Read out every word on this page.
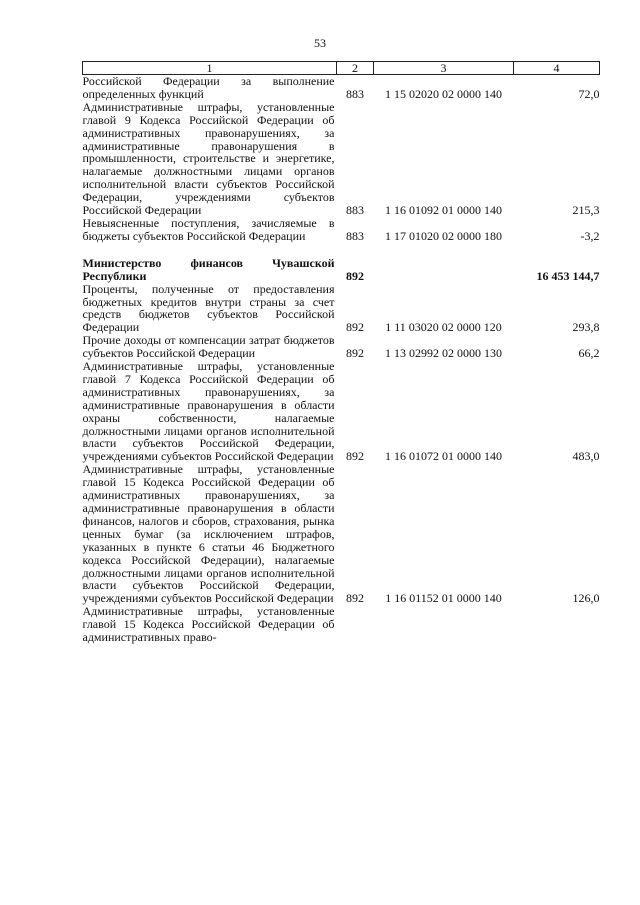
53
1	2	3	4
Российской Федерации за выполнение определенных функций	883	1 15 02020 02 0000 140	72,0
Административные штрафы, установленные главой 9 Кодекса Российской Федерации об административных правонарушениях, за административные правонарушения в промышленности, строительстве и энергетике, налагаемые должностными лицами органов исполнительной власти субъектов Российской Федерации, учреждениями субъектов Российской Федерации	883	1 16 01092 01 0000 140	215,3
Невыясненные поступления, зачисляемые в бюджеты субъектов Российской Федерации	883	1 17 01020 02 0000 180	-3,2

Министерство финансов Чувашской Республики	892		16 453 144,7
Проценты, полученные от предоставления бюджетных кредитов внутри страны за счет средств бюджетов субъектов Российской Федерации	892	1 11 03020 02 0000 120	293,8
Прочие доходы от компенсации затрат бюджетов субъектов Российской Федерации	892	1 13 02992 02 0000 130	66,2
Административные штрафы, установленные главой 7 Кодекса Российской Федерации об административных правонарушениях, за административные правонарушения в области охраны собственности, налагаемые должностными лицами органов исполнительной власти субъектов Российской Федерации, учреждениями субъектов Российской Федерации	892	1 16 01072 01 0000 140	483,0
Административные штрафы, установленные главой 15 Кодекса Российской Федерации об административных правонарушениях, за административные правонарушения в области финансов, налогов и сборов, страхования, рынка ценных бумаг (за исключением штрафов, указанных в пункте 6 статьи 46 Бюджетного кодекса Российской Федерации), налагаемые должностными лицами органов исполнительной власти субъектов Российской Федерации, учреждениями субъектов Российской Федерации	892	1 16 01152 01 0000 140	126,0
Административные штрафы, установленные главой 15 Кодекса Российской Федерации об административных право-			
